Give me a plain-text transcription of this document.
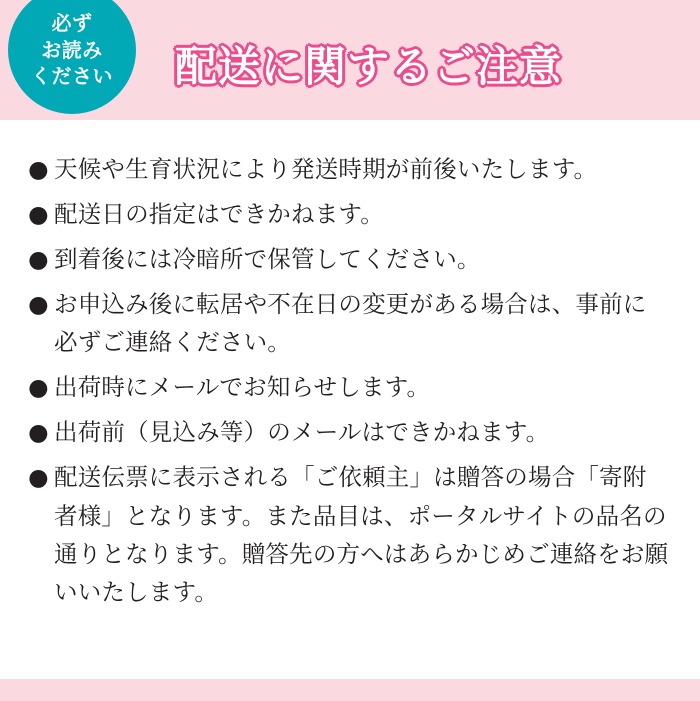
必ず
お読み
ください 配送に関するご注意
● 天候や生育状況により発送時期が前後いたします。
● 配送日の指定はできかねます。
● 到着後には冷暗所で保管してください。
● お申込み後に転居や不在日の変更がある場合は、事前に必ずご連絡ください。
● 出荷時にメールでお知らせします。
● 出荷前（見込み等）のメールはできかねます。
● 配送伝票に表示される「ご依頼主」は贈答の場合「寄附者様」となります。また品目は、ポータルサイトの品名の通りとなります。贈答先の方へはあらかじめご連絡をお願いいたします。
